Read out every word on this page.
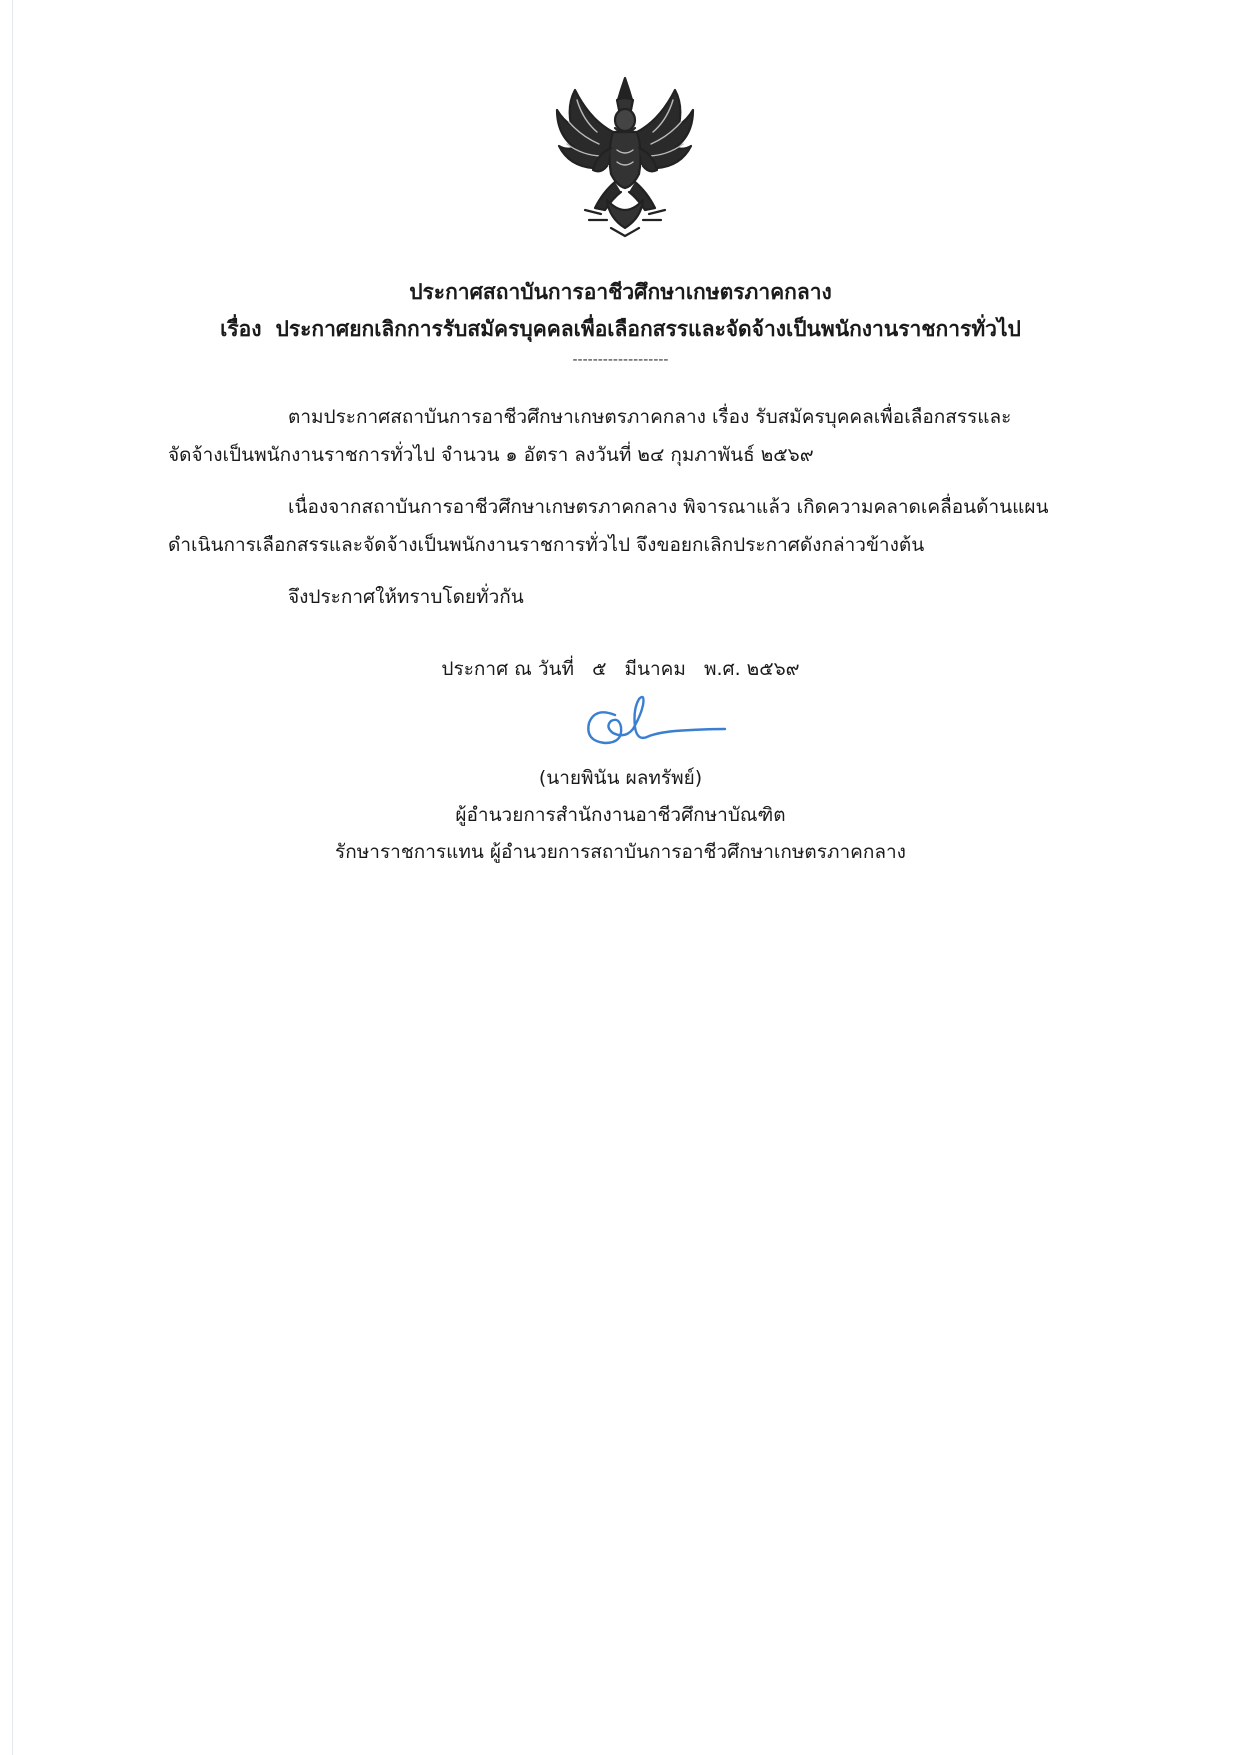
ประกาศสถาบันการอาชีวศึกษาเกษตรภาคกลาง
เรื่อง ประกาศยกเลิกการรับสมัครบุคคลเพื่อเลือกสรรและจัดจ้างเป็นพนักงานราชการทั่วไป
-------------------
ตามประกาศสถาบันการอาชีวศึกษาเกษตรภาคกลาง เรื่อง รับสมัครบุคคลเพื่อเลือกสรรและ
จัดจ้างเป็นพนักงานราชการทั่วไป จำนวน ๑ อัตรา ลงวันที่ ๒๔ กุมภาพันธ์ ๒๕๖๙
เนื่องจากสถาบันการอาชีวศึกษาเกษตรภาคกลาง พิจารณาแล้ว เกิดความคลาดเคลื่อนด้านแผน
ดำเนินการเลือกสรรและจัดจ้างเป็นพนักงานราชการทั่วไป จึงขอยกเลิกประกาศดังกล่าวข้างต้น
จึงประกาศให้ทราบโดยทั่วกัน
ประกาศ ณ วันที่ ๕ มีนาคม พ.ศ. ๒๕๖๙
(นายพินัน ผลทรัพย์)
ผู้อำนวยการสำนักงานอาชีวศึกษาบัณฑิต
รักษาราชการแทน ผู้อำนวยการสถาบันการอาชีวศึกษาเกษตรภาคกลาง
